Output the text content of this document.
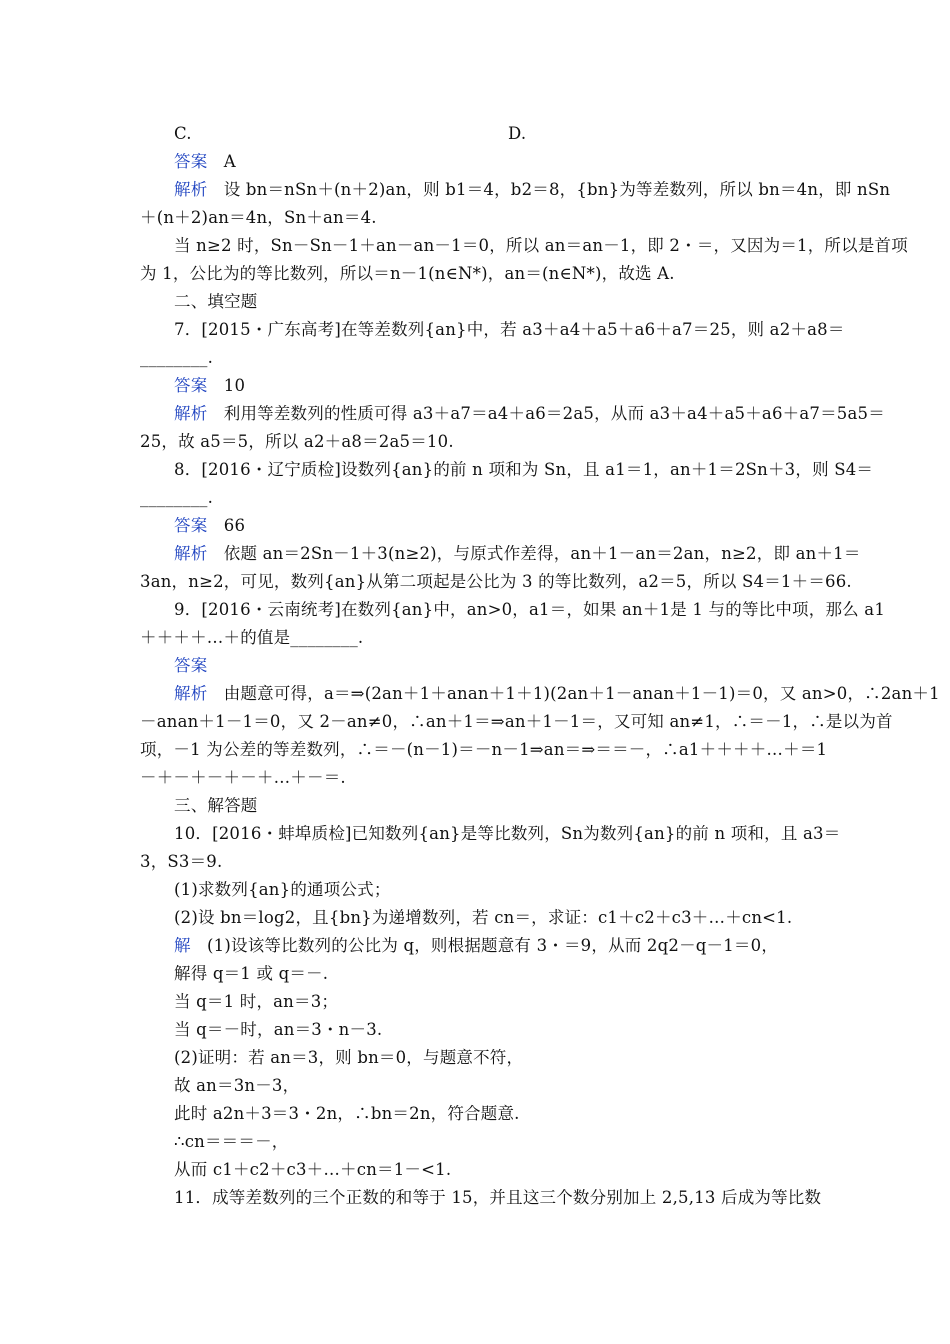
C.	D.
答案 A
解析 设 bn＝nSn＋(n＋2)an，则 b1＝4，b2＝8，{bn}为等差数列，所以 bn＝4n，即 nSn
＋(n＋2)an＝4n，Sn＋an＝4.
当 n≥2 时，Sn－Sn－1＋an－an－1＝0，所以 an＝an－1，即 2・＝，又因为＝1，所以是首项
为 1，公比为的等比数列，所以＝n－1(n∈N*)，an＝(n∈N*)，故选 A.
二、填空题
7．[2015・广东高考]在等差数列{an}中，若 a3＋a4＋a5＋a6＋a7＝25，则 a2＋a8＝
________.
答案 10
解析 利用等差数列的性质可得 a3＋a7＝a4＋a6＝2a5，从而 a3＋a4＋a5＋a6＋a7＝5a5＝
25，故 a5＝5，所以 a2＋a8＝2a5＝10.
8．[2016・辽宁质检]设数列{an}的前 n 项和为 Sn，且 a1＝1，an＋1＝2Sn＋3，则 S4＝
________.
答案 66
解析 依题 an＝2Sn－1＋3(n≥2)，与原式作差得，an＋1－an＝2an，n≥2，即 an＋1＝
3an，n≥2，可见，数列{an}从第二项起是公比为 3 的等比数列，a2＝5，所以 S4＝1＋＝66.
9．[2016・云南统考]在数列{an}中，an>0，a1＝，如果 an＋1是 1 与的等比中项，那么 a1
＋＋＋＋…＋的值是________.
答案
解析 由题意可得，a＝⇒(2an＋1＋anan＋1＋1)(2an＋1－anan＋1－1)＝0，又 an>0，∴2an＋1
－anan＋1－1＝0，又 2－an≠0，∴an＋1＝⇒an＋1－1＝，又可知 an≠1，∴＝－1，∴是以为首
项，－1 为公差的等差数列，∴＝－(n－1)＝－n－1⇒an＝⇒＝＝－，∴a1＋＋＋＋…＋＝1
－＋－＋－＋－＋…＋－＝.
三、解答题
10．[2016・蚌埠质检]已知数列{an}是等比数列，Sn为数列{an}的前 n 项和，且 a3＝
3，S3＝9.
(1)求数列{an}的通项公式；
(2)设 bn＝log2，且{bn}为递增数列，若 cn＝，求证：c1＋c2＋c3＋…＋cn<1.
解 (1)设该等比数列的公比为 q，则根据题意有 3・＝9，从而 2q2－q－1＝0，
解得 q＝1 或 q＝－.
当 q＝1 时，an＝3；
当 q＝－时，an＝3・n－3.
(2)证明：若 an＝3，则 bn＝0，与题意不符，
故 an＝3n－3，
此时 a2n＋3＝3・2n，∴bn＝2n，符合题意.
∴cn＝＝＝－，
从而 c1＋c2＋c3＋…＋cn＝1－<1.
11．成等差数列的三个正数的和等于 15，并且这三个数分别加上 2,5,13 后成为等比数
